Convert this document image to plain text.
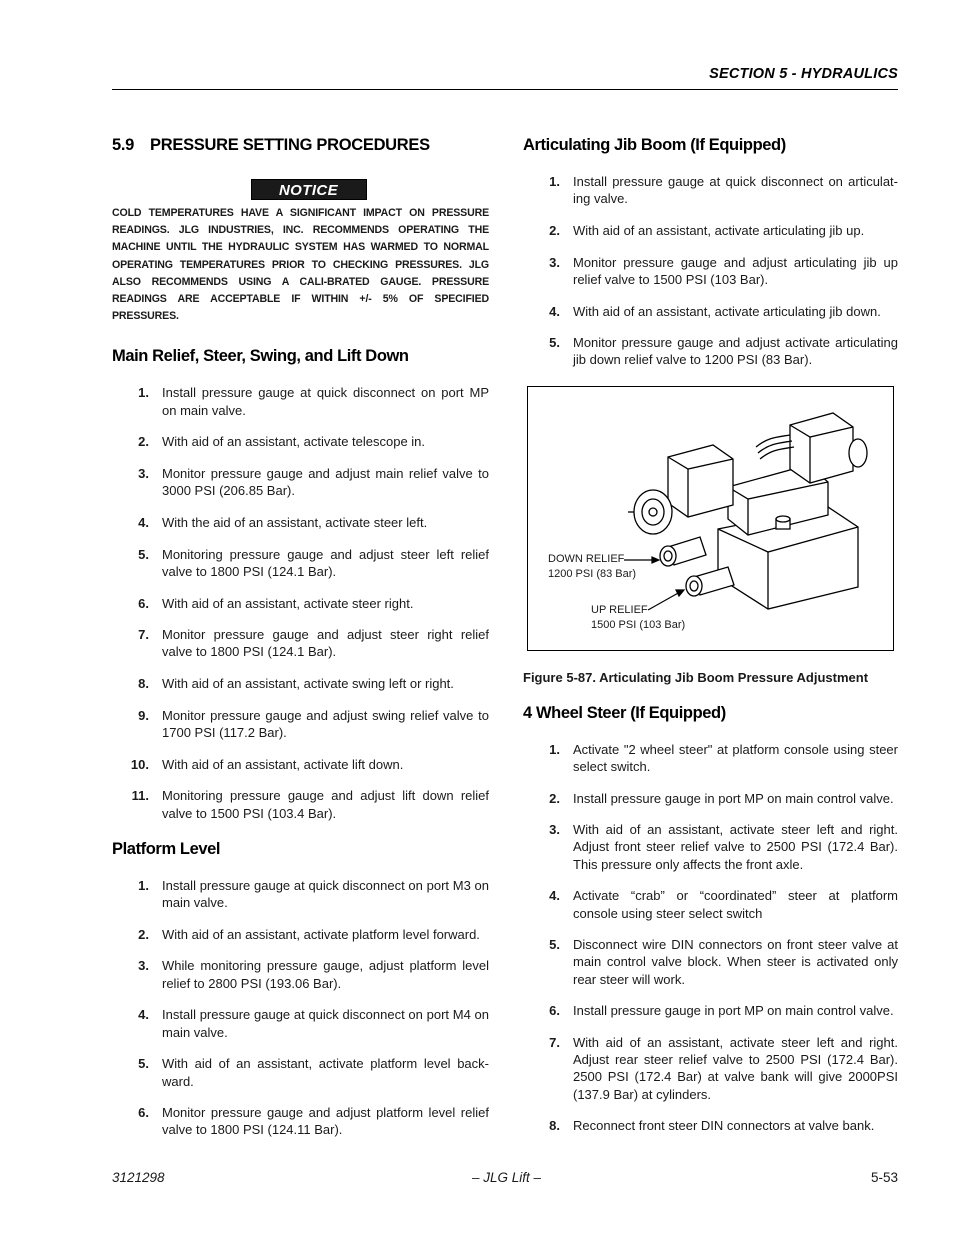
SECTION 5 - HYDRAULICS
5.9 PRESSURE SETTING PROCEDURES
NOTICE
COLD TEMPERATURES HAVE A SIGNIFICANT IMPACT ON PRESSURE READINGS. JLG INDUSTRIES, INC. RECOMMENDS OPERATING THE MACHINE UNTIL THE HYDRAULIC SYSTEM HAS WARMED TO NORMAL OPERATING TEMPERATURES PRIOR TO CHECKING PRESSURES. JLG ALSO RECOMMENDS USING A CALI-BRATED GAUGE. PRESSURE READINGS ARE ACCEPTABLE IF WITHIN +/- 5% OF SPECIFIED PRESSURES.
Main Relief, Steer, Swing, and Lift Down
1.	Install pressure gauge at quick disconnect on port MP on main valve.
2.	With aid of an assistant, activate telescope in.
3.	Monitor pressure gauge and adjust main relief valve to 3000 PSI (206.85 Bar).
4.	With the aid of an assistant, activate steer left.
5.	Monitoring pressure gauge and adjust steer left relief valve to 1800 PSI (124.1 Bar).
6.	With aid of an assistant, activate steer right.
7.	Monitor pressure gauge and adjust steer right relief valve to 1800 PSI (124.1 Bar).
8.	With aid of an assistant, activate swing left or right.
9.	Monitor pressure gauge and adjust swing relief valve to 1700 PSI (117.2 Bar).
10.	With aid of an assistant, activate lift down.
11.	Monitoring pressure gauge and adjust lift down relief valve to 1500 PSI (103.4 Bar).
Platform Level
1.	Install pressure gauge at quick disconnect on port M3 on main valve.
2.	With aid of an assistant, activate platform level forward.
3.	While monitoring pressure gauge, adjust platform level relief to 2800 PSI (193.06 Bar).
4.	Install pressure gauge at quick disconnect on port M4 on main valve.
5.	With aid of an assistant, activate platform level back-ward.
6.	Monitor pressure gauge and adjust platform level relief valve to 1800 PSI (124.11 Bar).
Articulating Jib Boom (If Equipped)
1.	Install pressure gauge at quick disconnect on articulat-ing valve.
2.	With aid of an assistant, activate articulating jib up.
3.	Monitor pressure gauge and adjust articulating jib up relief valve to 1500 PSI (103 Bar).
4.	With aid of an assistant, activate articulating jib down.
5.	Monitor pressure gauge and adjust activate articulating jib down relief valve to 1200 PSI (83 Bar).
DOWN RELIEF
1200 PSI (83 Bar)
UP RELIEF
1500 PSI (103 Bar)
Figure 5-87. Articulating Jib Boom Pressure Adjustment
4 Wheel Steer (If Equipped)
1.	Activate "2 wheel steer" at platform console using steer select switch.
2.	Install pressure gauge in port MP on main control valve.
3.	With aid of an assistant, activate steer left and right. Adjust front steer relief valve to 2500 PSI (172.4 Bar). This pressure only affects the front axle.
4.	Activate “crab” or “coordinated” steer at platform console using steer select switch
5.	Disconnect wire DIN connectors on front steer valve at main control valve block. When steer is activated only rear steer will work.
6.	Install pressure gauge in port MP on main control valve.
7.	With aid of an assistant, activate steer left and right. Adjust rear steer relief valve to 2500 PSI (172.4 Bar). 2500 PSI (172.4 Bar) at valve bank will give 2000PSI (137.9 Bar) at cylinders.
8.	Reconnect front steer DIN connectors at valve bank.
3121298	– JLG Lift –	5-53
